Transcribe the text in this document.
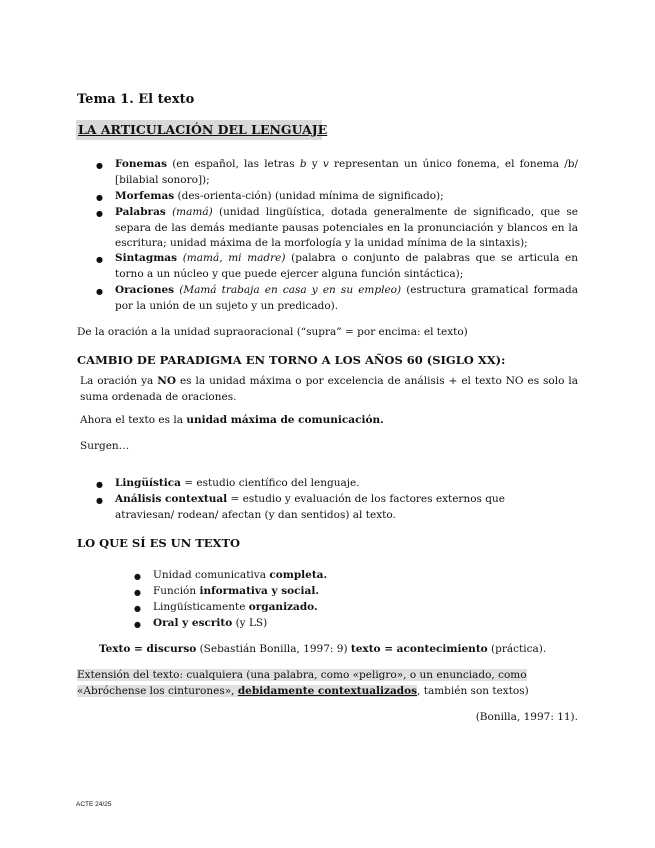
Tema 1. El texto
LA ARTICULACIÓN DEL LENGUAJE
●
Fonemas (en español, las letras b y v representan un único fonema, el fonema /b/ [bilabial sonoro]);
●
Morfemas (des-orienta-ción) (unidad mínima de significado);
●
Palabras (mamá) (unidad lingüística, dotada generalmente de significado, que se separa de las demás mediante pausas potenciales en la pronunciación y blancos en la escritura; unidad máxima de la morfología y la unidad mínima de la sintaxis);
●
Sintagmas (mamá, mi madre) (palabra o conjunto de palabras que se articula en torno a un núcleo y que puede ejercer alguna función sintáctica);
●
Oraciones (Mamá trabaja en casa y en su empleo) (estructura gramatical formada por la unión de un sujeto y un predicado).
De la oración a la unidad supraoracional (“supra” = por encima: el texto)
CAMBIO DE PARADIGMA EN TORNO A LOS AÑOS 60 (SIGLO XX):
La oración ya NO es la unidad máxima o por excelencia de análisis + el texto NO es solo la suma ordenada de oraciones.
Ahora el texto es la unidad máxima de comunicación.
Surgen…
●
Lingüística = estudio científico del lenguaje.
●
Análisis contextual = estudio y evaluación de los factores externos que atraviesan/ rodean/ afectan (y dan sentidos) al texto.
LO QUE SÍ ES UN TEXTO
●
Unidad comunicativa completa.
●
Función informativa y social.
●
Lingüísticamente organizado.
●
Oral y escrito (y LS)
Texto = discurso (Sebastián Bonilla, 1997: 9) texto = acontecimiento (práctica).
Extensión del texto: cualquiera (una palabra, como «peligro», o un enunciado, como «Abróchense los cinturones», debidamente contextualizados, también son textos)
(Bonilla, 1997: 11).
ACTE 24/25
